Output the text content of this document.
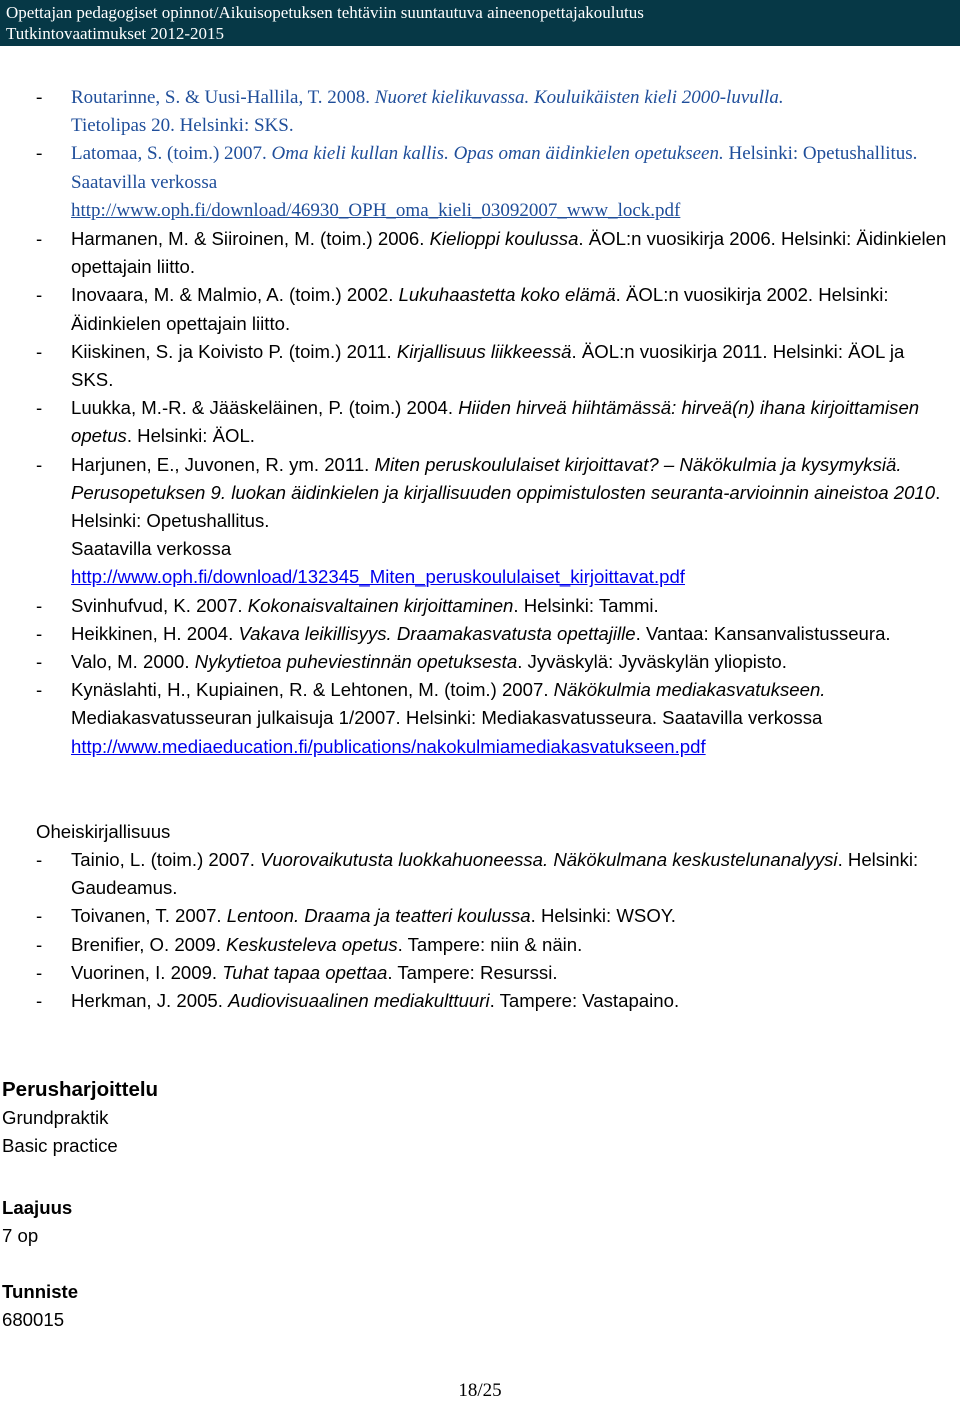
Opettajan pedagogiset opinnot/Aikuisopetuksen tehtäviin suuntautuva aineenopettajakoulutus
Tutkintovaatimukset 2012-2015
- Routarinne, S. & Uusi-Hallila, T. 2008. Nuoret kielikuvassa. Kouluikäisten kieli 2000-luvulla.
Tietolipas 20. Helsinki: SKS.
- Latomaa, S. (toim.) 2007. Oma kieli kullan kallis. Opas oman äidinkielen opetukseen. Helsinki: Opetushallitus. Saatavilla verkossa
http://www.oph.fi/download/46930_OPH_oma_kieli_03092007_www_lock.pdf
- Harmanen, M. & Siiroinen, M. (toim.) 2006. Kielioppi koulussa. ÄOL:n vuosikirja 2006. Helsinki: Äidinkielen opettajain liitto.
- Inovaara, M. & Malmio, A. (toim.) 2002. Lukuhaastetta koko elämä. ÄOL:n vuosikirja 2002. Helsinki: Äidinkielen opettajain liitto.
- Kiiskinen, S. ja Koivisto P. (toim.) 2011. Kirjallisuus liikkeessä. ÄOL:n vuosikirja 2011. Helsinki: ÄOL ja SKS.
- Luukka, M.-R. & Jääskeläinen, P. (toim.) 2004. Hiiden hirveä hiihtämässä: hirveä(n) ihana kirjoittamisen opetus. Helsinki: ÄOL.
- Harjunen, E., Juvonen, R. ym. 2011. Miten peruskoululaiset kirjoittavat? – Näkökulmia ja kysymyksiä. Perusopetuksen 9. luokan äidinkielen ja kirjallisuuden oppimistulosten seuranta-arvioinnin aineistoa 2010. Helsinki: Opetushallitus.
Saatavilla verkossa
http://www.oph.fi/download/132345_Miten_peruskoululaiset_kirjoittavat.pdf
- Svinhufvud, K. 2007. Kokonaisvaltainen kirjoittaminen. Helsinki: Tammi.
- Heikkinen, H. 2004. Vakava leikillisyys. Draamakasvatusta opettajille. Vantaa: Kansanvalistusseura.
- Valo, M. 2000. Nykytietoa puheviestinnän opetuksesta. Jyväskylä: Jyväskylän yliopisto.
- Kynäslahti, H., Kupiainen, R. & Lehtonen, M. (toim.) 2007. Näkökulmia mediakasvatukseen. Mediakasvatusseuran julkaisuja 1/2007. Helsinki: Mediakasvatusseura. Saatavilla verkossa
http://www.mediaeducation.fi/publications/nakokulmiamediakasvatukseen.pdf
Oheiskirjallisuus
- Tainio, L. (toim.) 2007. Vuorovaikutusta luokkahuoneessa. Näkökulmana keskustelunanalyysi. Helsinki: Gaudeamus.
- Toivanen, T. 2007. Lentoon. Draama ja teatteri koulussa. Helsinki: WSOY.
- Brenifier, O. 2009. Keskusteleva opetus. Tampere: niin & näin.
- Vuorinen, I. 2009. Tuhat tapaa opettaa. Tampere: Resurssi.
- Herkman, J. 2005. Audiovisuaalinen mediakulttuuri. Tampere: Vastapaino.
Perusharjoittelu
Grundpraktik
Basic practice
Laajuus
7 op
Tunniste
680015
18/25
